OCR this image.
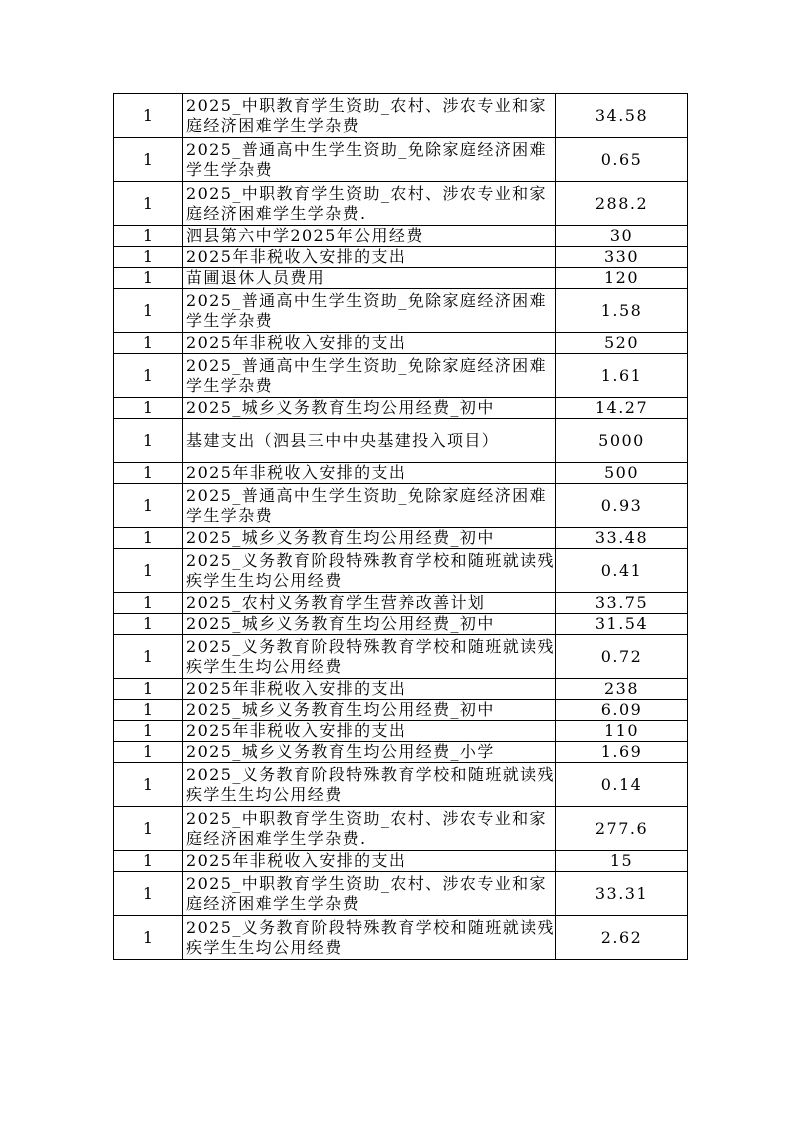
1	2025_中职教育学生资助_农村、涉农专业和家庭经济困难学生学杂费	34.58
1	2025_普通高中生学生资助_免除家庭经济困难学生学杂费	0.65
1	2025_中职教育学生资助_农村、涉农专业和家庭经济困难学生学杂费.	288.2
1	泗县第六中学2025年公用经费	30
1	2025年非税收入安排的支出	330
1	苗圃退休人员费用	120
1	2025_普通高中生学生资助_免除家庭经济困难学生学杂费	1.58
1	2025年非税收入安排的支出	520
1	2025_普通高中生学生资助_免除家庭经济困难学生学杂费	1.61
1	2025_城乡义务教育生均公用经费_初中	14.27
1	基建支出（泗县三中中央基建投入项目）	5000
1	2025年非税收入安排的支出	500
1	2025_普通高中生学生资助_免除家庭经济困难学生学杂费	0.93
1	2025_城乡义务教育生均公用经费_初中	33.48
1	2025_义务教育阶段特殊教育学校和随班就读残疾学生生均公用经费	0.41
1	2025_农村义务教育学生营养改善计划	33.75
1	2025_城乡义务教育生均公用经费_初中	31.54
1	2025_义务教育阶段特殊教育学校和随班就读残疾学生生均公用经费	0.72
1	2025年非税收入安排的支出	238
1	2025_城乡义务教育生均公用经费_初中	6.09
1	2025年非税收入安排的支出	110
1	2025_城乡义务教育生均公用经费_小学	1.69
1	2025_义务教育阶段特殊教育学校和随班就读残疾学生生均公用经费	0.14
1	2025_中职教育学生资助_农村、涉农专业和家庭经济困难学生学杂费.	277.6
1	2025年非税收入安排的支出	15
1	2025_中职教育学生资助_农村、涉农专业和家庭经济困难学生学杂费	33.31
1	2025_义务教育阶段特殊教育学校和随班就读残疾学生生均公用经费	2.62
